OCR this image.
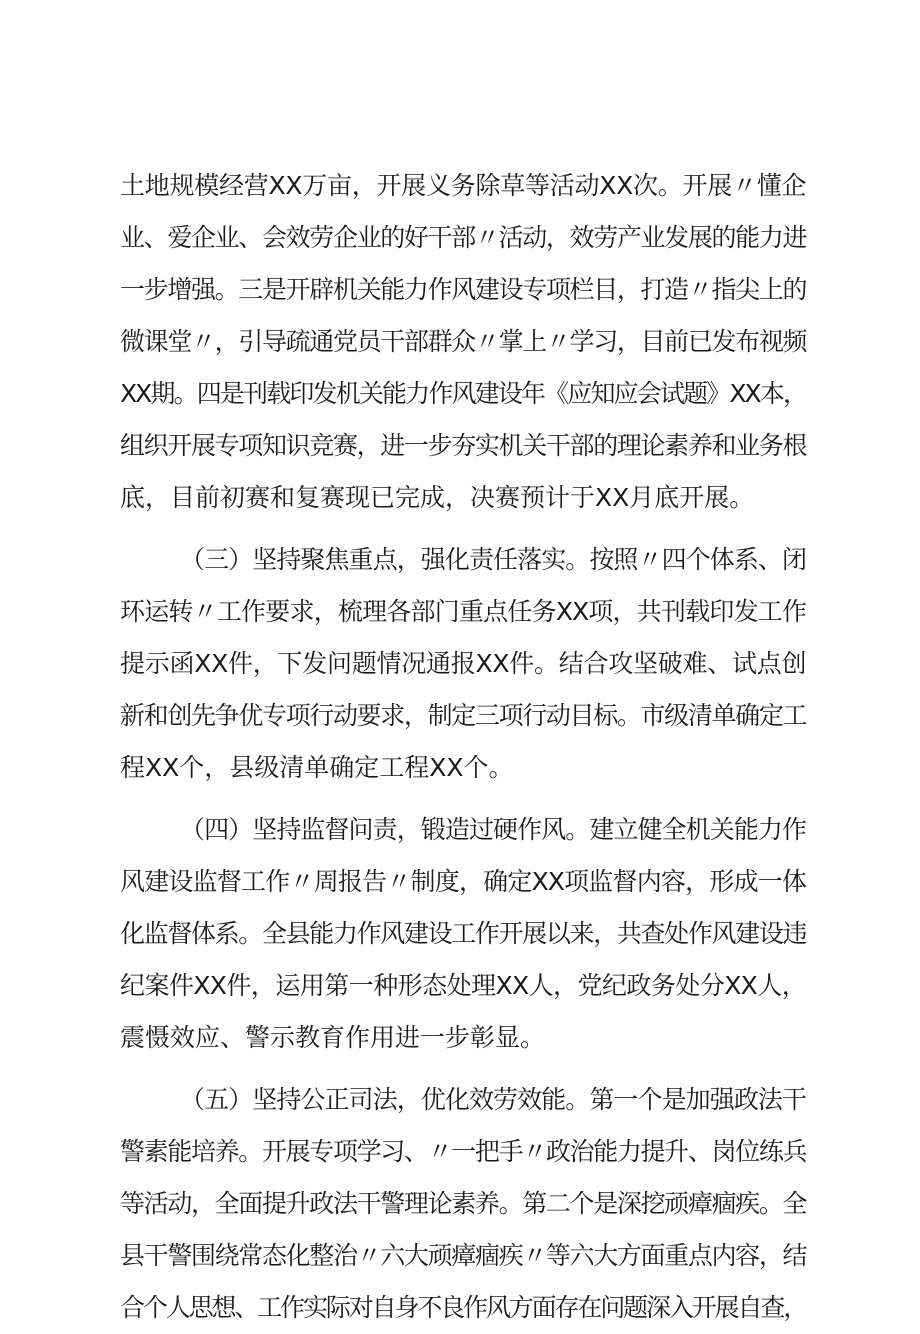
土地规模经营XX万亩，开展义务除草等活动XX次。开展〃懂企
业、爱企业、会效劳企业的好干部〃活动，效劳产业发展的能力进
一步增强。三是开辟机关能力作风建设专项栏目，打造〃指尖上的
微课堂〃，引导疏通党员干部群众〃掌上〃学习，目前已发布视频
XX期。四是刊载印发机关能力作风建设年《应知应会试题》XX本，
组织开展专项知识竞赛，进一步夯实机关干部的理论素养和业务根
底，目前初赛和复赛现已完成，决赛预计于XX月底开展。
（三）坚持聚焦重点，强化责任落实。按照〃四个体系、闭
环运转〃工作要求，梳理各部门重点任务XX项，共刊载印发工作
提示函XX件，下发问题情况通报XX件。结合攻坚破难、试点创
新和创先争优专项行动要求，制定三项行动目标。市级清单确定工
程XX个，县级清单确定工程XX个。
（四）坚持监督问责，锻造过硬作风。建立健全机关能力作
风建设监督工作〃周报告〃制度，确定XX项监督内容，形成一体
化监督体系。全县能力作风建设工作开展以来，共查处作风建设违
纪案件XX件，运用第一种形态处理XX人，党纪政务处分XX人，
震慑效应、警示教育作用进一步彰显。
（五）坚持公正司法，优化效劳效能。第一个是加强政法干
警素能培养。开展专项学习、〃一把手〃政治能力提升、岗位练兵
等活动，全面提升政法干警理论素养。第二个是深挖顽瘴痼疾。全
县干警围绕常态化整治〃六大顽瘴痼疾〃等六大方面重点内容，结
合个人思想、工作实际对自身不良作风方面存在问题深入开展自查，
